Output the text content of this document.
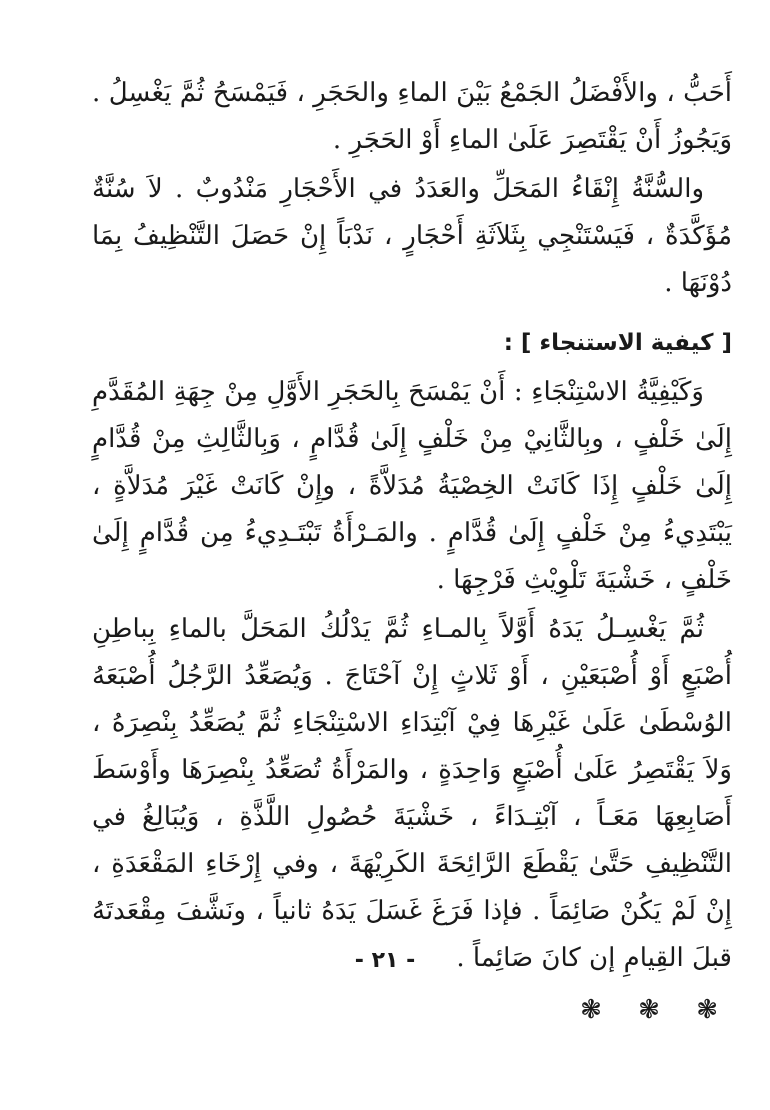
أَحَبُّ ، والأَفْضَلُ الجَمْعُ بَيْنَ الماءِ والحَجَرِ ، فَيَمْسَحُ ثُمَّ يَغْسِلُ . وَيَجُوزُ أَنْ يَقْتَصِرَ عَلَىٰ الماءِ أَوْ الحَجَرِ .

والسُّنَّةُ إِنْقَاءُ المَحَلِّ والعَدَدُ في الأَحْجَارِ مَنْدُوبٌ . لاَ سُنَّةٌ مُؤَكَّدَةٌ ، فَيَسْتَنْجِي بِثَلاَثَةِ أَحْجَارٍ ، نَدْبَاً إِنْ حَصَلَ التَّنْظِيفُ بِمَا دُوْنَهَا .

[ كيفية الاستنجاء ] :

وَكَيْفِيَّةُ الاسْتِنْجَاءِ : أَنْ يَمْسَحَ بِالحَجَرِ الأَوَّلِ مِنْ جِهَةِ المُقَدَّمِ إِلَىٰ خَلْفٍ ، وبِالثَّانِيْ مِنْ خَلْفٍ إِلَىٰ قُدَّامٍ ، وَبِالثَّالِثِ مِنْ قُدَّامٍ إِلَىٰ خَلْفٍ إِذَا كَانَتْ الخِصْيَةُ مُدَلاَّةً ، وإِنْ كَانَتْ غَيْرَ مُدَلاَّةٍ ، يَبْتَدِيءُ مِنْ خَلْفٍ إِلَىٰ قُدَّامٍ . والمَـرْأَةُ تَبْتَـدِيءُ مِن قُدَّامٍ إِلَىٰ خَلْفٍ ، خَشْيَةَ تَلْوِيْثِ فَرْجِهَا .

ثُمَّ يَغْسِـلُ يَدَهُ أَوَّلاً بِالمـاءِ ثُمَّ يَدْلُكُ المَحَلَّ بالماءِ بِباطِنِ أُصْبَعٍ أَوْ أُصْبَعَيْنِ ، أَوْ ثَلاثٍ إِنْ آحْتَاجَ . وَيُصَعِّدُ الرَّجُلُ أُصْبَعَهُ الوُسْطَىٰ عَلَىٰ غَيْرِهَا فِيْ آبْتِدَاءِ الاسْتِنْجَاءِ ثُمَّ يُصَعِّدُ بِنْصِرَهُ ، وَلاَ يَقْتَصِرُ عَلَىٰ أُصْبَعٍ وَاحِدَةٍ ، والمَرْأَةُ تُصَعِّدُ بِنْصِرَهَا وأَوْسَطَ أَصَابِعِهَا مَعَـاً ، آبْتِـدَاءً ، خَشْيَةَ حُصُولِ اللَّذَّةِ ، وَيُبَالِغُ في التَّنْظِيفِ حَتَّىٰ يَقْطَعَ الرَّائِحَةَ الكَرِيْهَةَ ، وفي إِرْخَاءِ المَقْعَدَةِ ، إِنْ لَمْ يَكُنْ صَائِمَاً . فإذا فَرَغَ غَسَلَ يَدَهُ ثانياً ، ونَشَّفَ مِقْعَدتَهُ قبلَ القِيامِ إن كانَ صَائِماً .

❃ ❃ ❃
- ٢١ -
